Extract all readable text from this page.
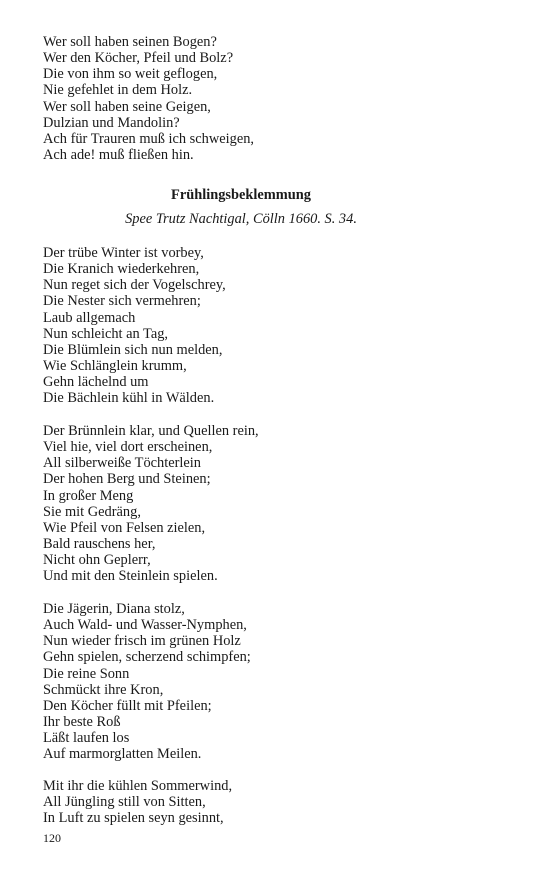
Wer soll haben seinen Bogen?
Wer den Köcher, Pfeil und Bolz?
Die von ihm so weit geflogen,
Nie gefehlet in dem Holz.
Wer soll haben seine Geigen,
Dulzian und Mandolin?
Ach für Trauren muß ich schweigen,
Ach ade! muß fließen hin.
Frühlingsbeklemmung
Spee Trutz Nachtigal, Cölln 1660. S. 34.
Der trübe Winter ist vorbey,
Die Kranich wiederkehren,
Nun reget sich der Vogelschrey,
Die Nester sich vermehren;
Laub allgemach
Nun schleicht an Tag,
Die Blümlein sich nun melden,
Wie Schlänglein krumm,
Gehn lächelnd um
Die Bächlein kühl in Wälden.
Der Brünnlein klar, und Quellen rein,
Viel hie, viel dort erscheinen,
All silberweiße Töchterlein
Der hohen Berg und Steinen;
In großer Meng
Sie mit Gedräng,
Wie Pfeil von Felsen zielen,
Bald rauschens her,
Nicht ohn Geplerr,
Und mit den Steinlein spielen.
Die Jägerin, Diana stolz,
Auch Wald- und Wasser-Nymphen,
Nun wieder frisch im grünen Holz
Gehn spielen, scherzend schimpfen;
Die reine Sonn
Schmückt ihre Kron,
Den Köcher füllt mit Pfeilen;
Ihr beste Roß
Läßt laufen los
Auf marmorglatten Meilen.
Mit ihr die kühlen Sommerwind,
All Jüngling still von Sitten,
In Luft zu spielen seyn gesinnt,
120
